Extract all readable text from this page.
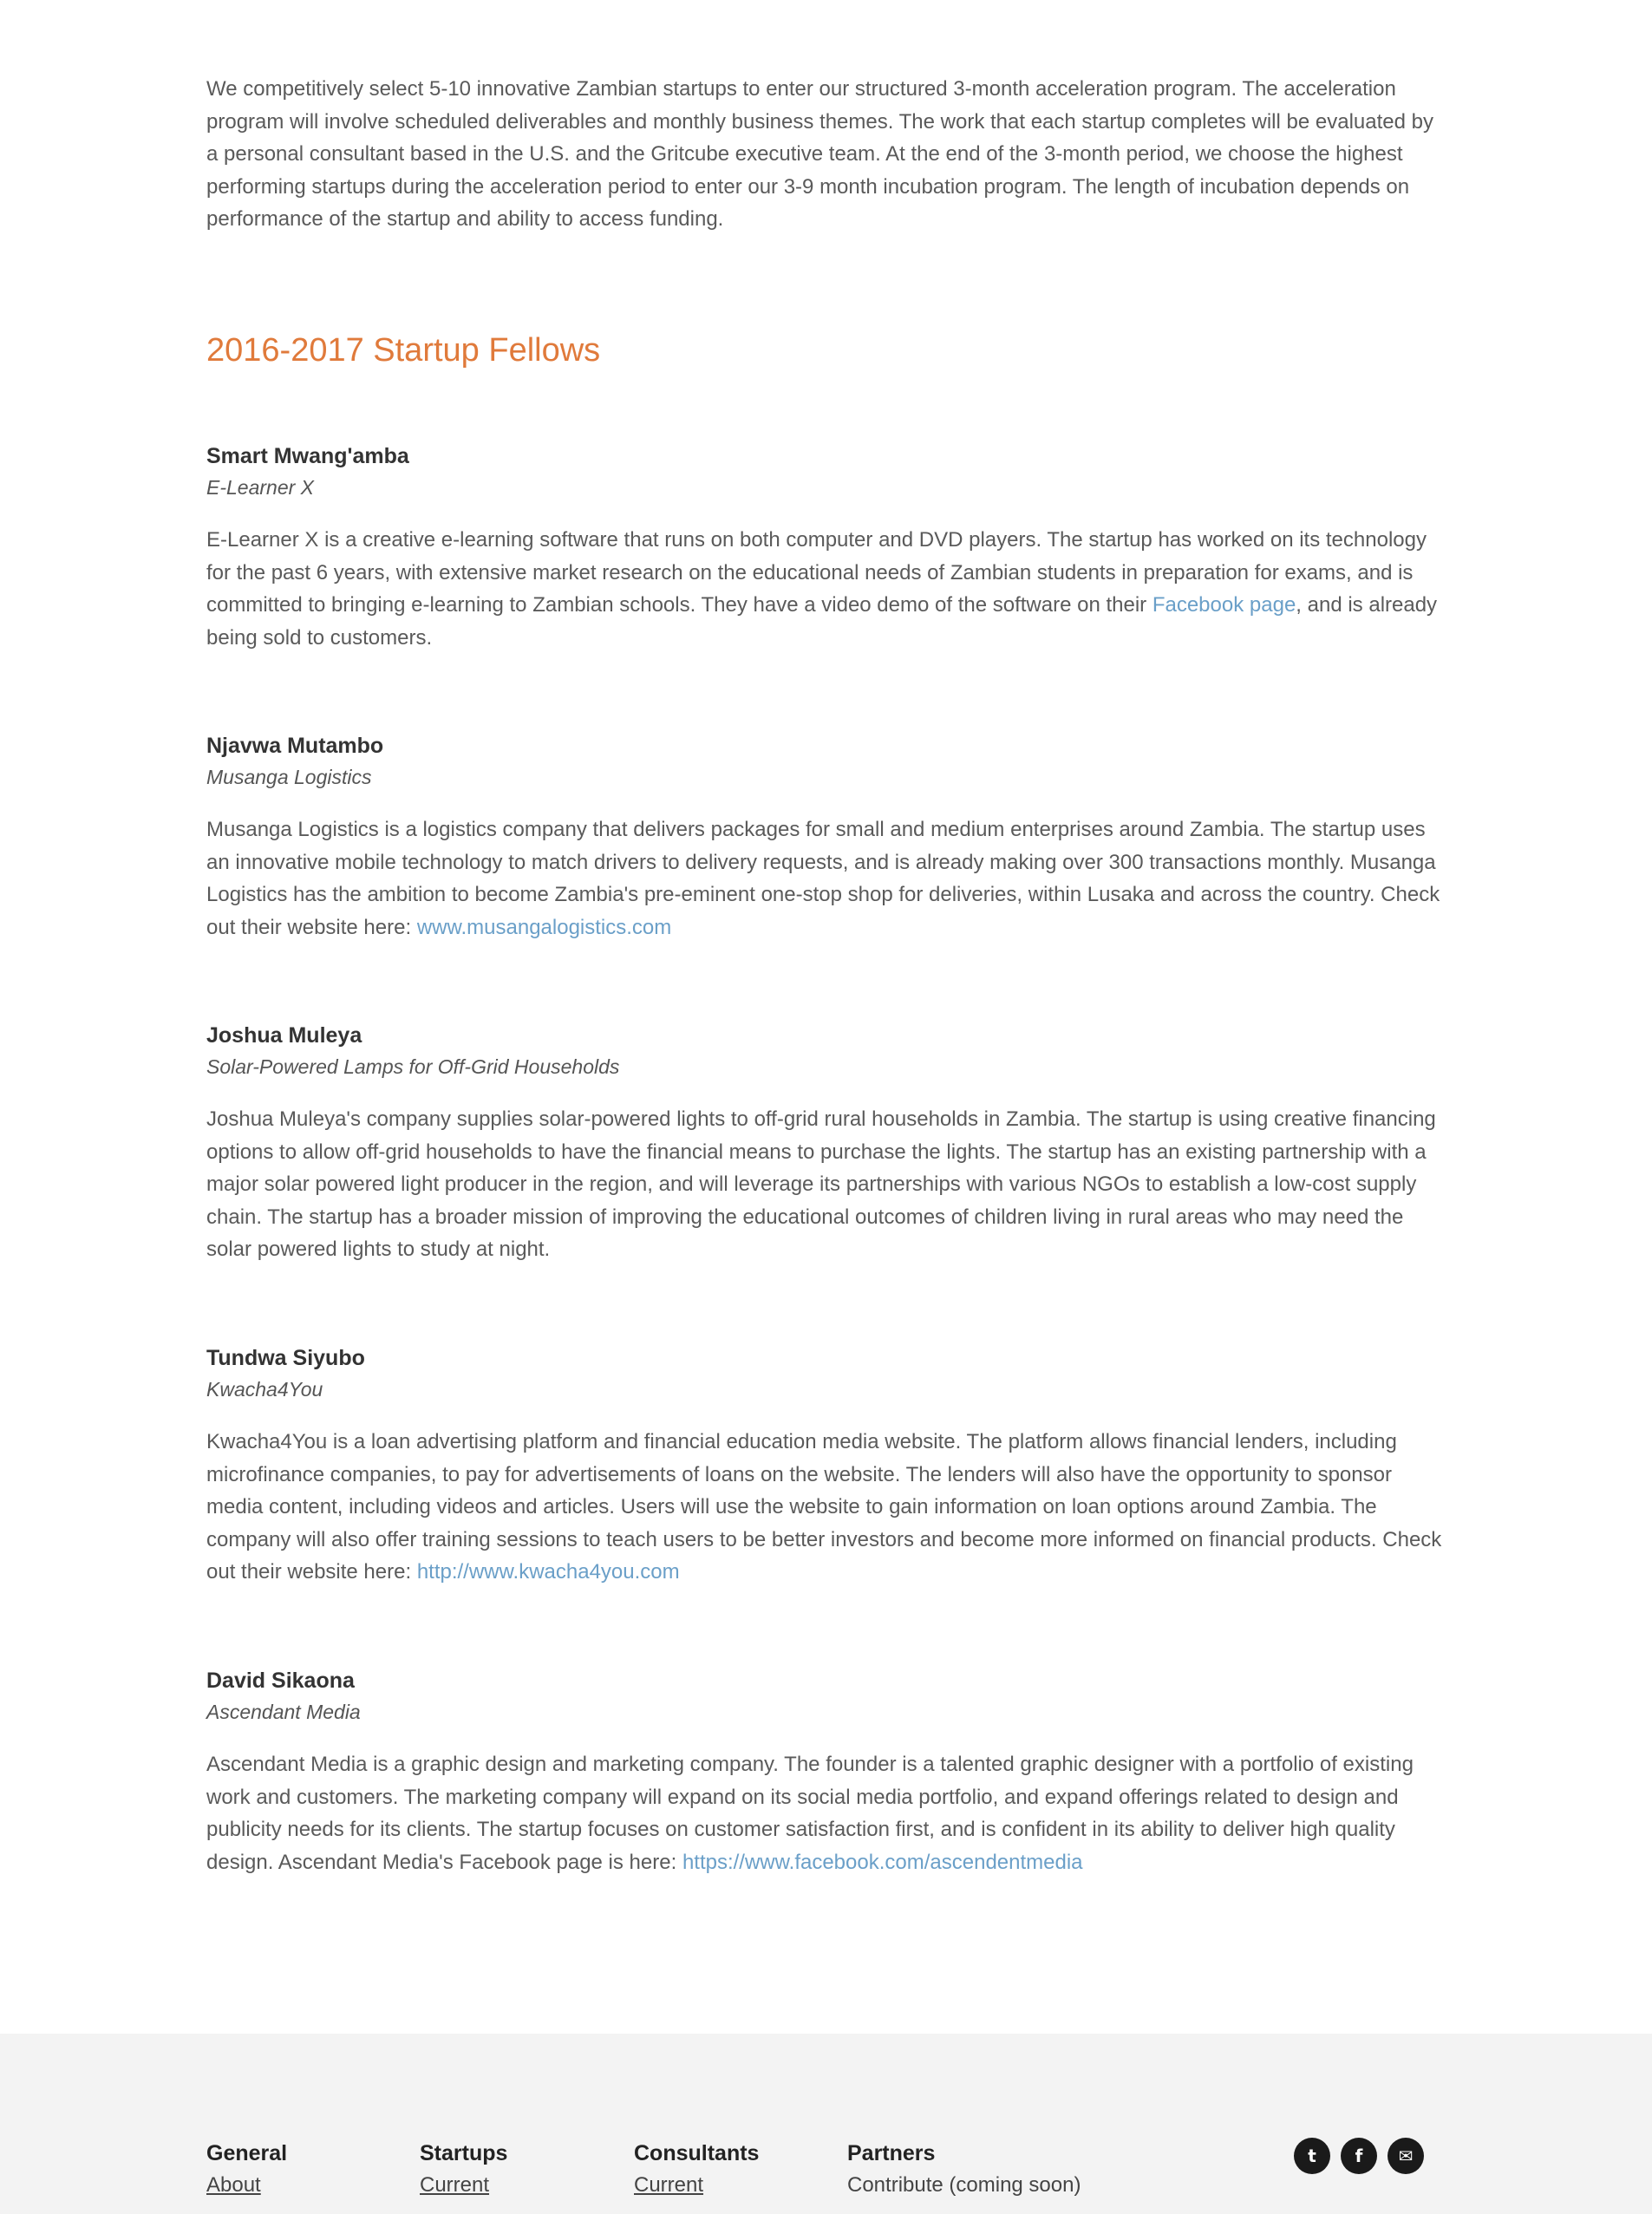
We competitively select 5-10 innovative Zambian startups to enter our structured 3-month acceleration program. The acceleration program will involve scheduled deliverables and monthly business themes. The work that each startup completes will be evaluated by a personal consultant based in the U.S. and the Gritcube executive team. At the end of the 3-month period, we choose the highest performing startups during the acceleration period to enter our 3-9 month incubation program. The length of incubation depends on performance of the startup and ability to access funding.

2016-2017 Startup Fellows
Smart Mwang'amba
E-Learner X

E-Learner X is a creative e-learning software that runs on both computer and DVD players. The startup has worked on its technology for the past 6 years, with extensive market research on the educational needs of Zambian students in preparation for exams, and is committed to bringing e-learning to Zambian schools. They have a video demo of the software on their Facebook page, and is already being sold to customers.

Njavwa Mutambo
Musanga Logistics

Musanga Logistics is a logistics company that delivers packages for small and medium enterprises around Zambia. The startup uses an innovative mobile technology to match drivers to delivery requests, and is already making over 300 transactions monthly. Musanga Logistics has the ambition to become Zambia's pre-eminent one-stop shop for deliveries, within Lusaka and across the country. Check out their website here: www.musangalogistics.com

Joshua Muleya
Solar-Powered Lamps for Off-Grid Households

Joshua Muleya's company supplies solar-powered lights to off-grid rural households in Zambia. The startup is using creative financing options to allow off-grid households to have the financial means to purchase the lights. The startup has an existing partnership with a major solar powered light producer in the region, and will leverage its partnerships with various NGOs to establish a low-cost supply chain. The startup has a broader mission of improving the educational outcomes of children living in rural areas who may need the solar powered lights to study at night.

Tundwa Siyubo
Kwacha4You

Kwacha4You is a loan advertising platform and financial education media website. The platform allows financial lenders, including microfinance companies, to pay for advertisements of loans on the website. The lenders will also have the opportunity to sponsor media content, including videos and articles. Users will use the website to gain information on loan options around Zambia. The company will also offer training sessions to teach users to be better investors and become more informed on financial products. Check out their website here: http://www.kwacha4you.com

David Sikaona
Ascendant Media

Ascendant Media is a graphic design and marketing company. The founder is a talented graphic designer with a portfolio of existing work and customers. The marketing company will expand on its social media portfolio, and expand offerings related to design and publicity needs for its clients. The startup focuses on customer satisfaction first, and is confident in its ability to deliver high quality design. Ascendant Media's Facebook page is here: https://www.facebook.com/ascendentmedia

General
About
Startups
Current
Consultants
Current
Partners
Contribute (coming soon)
t	f	✉
